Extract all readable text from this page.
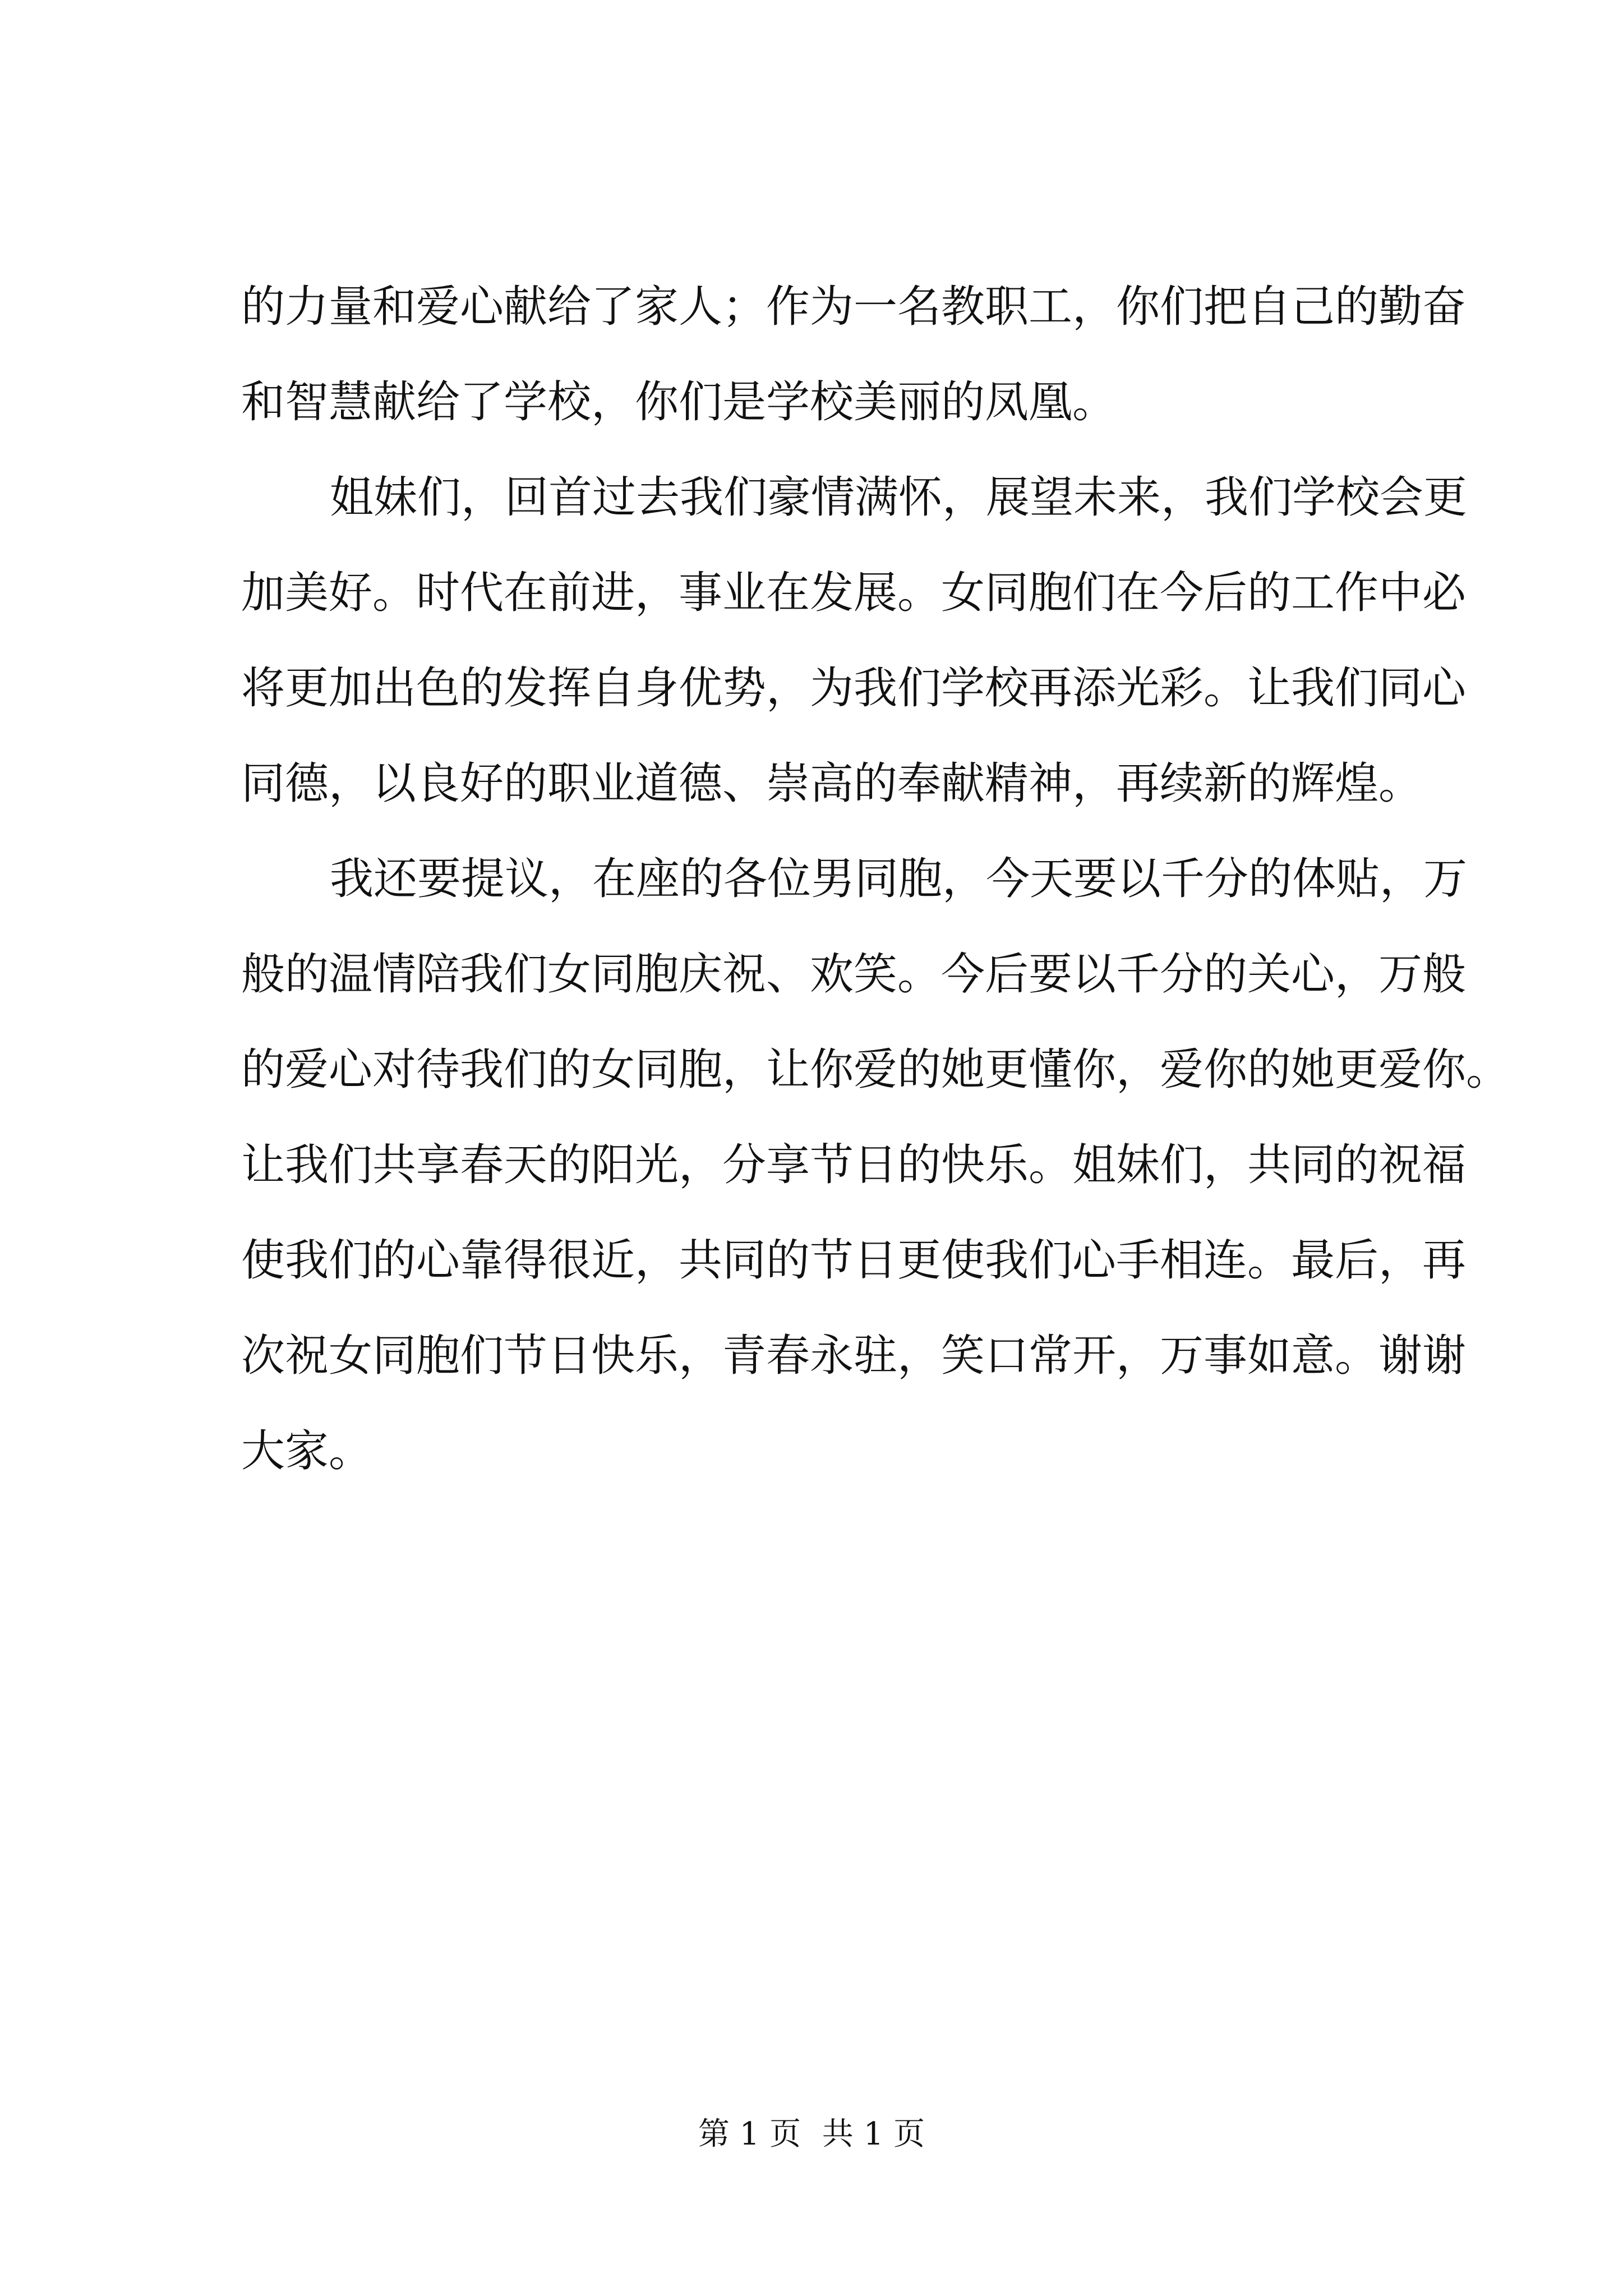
的力量和爱心献给了家人；作为一名教职工，你们把自己的勤奋
和智慧献给了学校，你们是学校美丽的凤凰。
姐妹们，回首过去我们豪情满怀，展望未来，我们学校会更
加美好。时代在前进，事业在发展。女同胞们在今后的工作中必
将更加出色的发挥自身优势，为我们学校再添光彩。让我们同心
同德，以良好的职业道德、崇高的奉献精神，再续新的辉煌。
我还要提议，在座的各位男同胞，今天要以千分的体贴，万
般的温情陪我们女同胞庆祝、欢笑。今后要以千分的关心，万般
的爱心对待我们的女同胞，让你爱的她更懂你，爱你的她更爱你。
让我们共享春天的阳光，分享节日的快乐。姐妹们，共同的祝福
使我们的心靠得很近，共同的节日更使我们心手相连。最后，再
次祝女同胞们节日快乐，青春永驻，笑口常开，万事如意。谢谢
大家。
第 1 页 共 1 页
